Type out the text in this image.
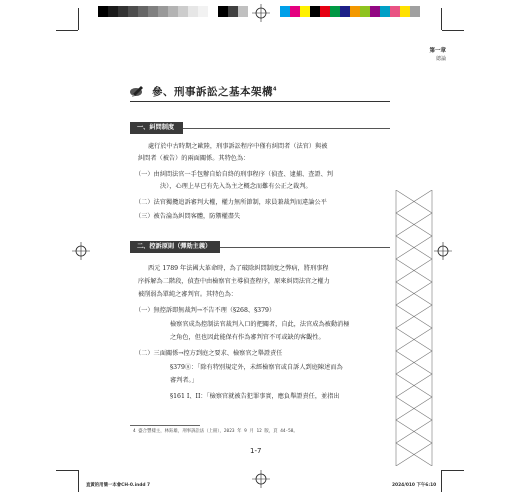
第一章
總論
參、刑事訴訟之基本架構$^4$
一、糾問制度
處行於中古時期之歐陸，刑事訴訟程序中僅有糾問者（法官）與被
糾問者（被告）的兩面關係。其特色為：
（一）由糾問法官一手包辦自始自終的刑事程序（偵查、逮捕、查證、判
決），心理上早已有先入為主之概念而難有公正之裁判。
（二）法官獨攬追訴審判大權，權力無所節制，球員兼裁判而違論公平
（三）被告淪為糾問客體，防禦權盡失
二、控訴原則（彈劾主義）
西元 1789 年法國大革命時，為了破除糾問制度之弊病，將刑事程
序拆解為二階段，偵查中由檢察官主導偵查程序，原來糾問法官之權力
被削弱為單純之審判官。其特色為：
（一）無控訴即無裁判→不告不理（§268、§379）
檢察官成為控制法官裁判入口的把關者，自此，法官成為被動消極
之角色，但也因此能保有作為審判官不可或缺的客觀性。
（二）三面關係→控方到庭之要求、檢察官之舉證責任
§379⑧：「除有特別規定外，未經檢察官或自訴人到庭陳述而為
審判者。」
§161 I、II：「檢察官就被告犯罪事實，應負舉證責任，並指出
4 盛合豐樣主，林鈺雄，刑事訴訟法（上冊），2023 年 9 月 12 版，頁 44-58。
1-7
直黃的用簡一本會CH-0.indd 7	2024/010 下午6:10
